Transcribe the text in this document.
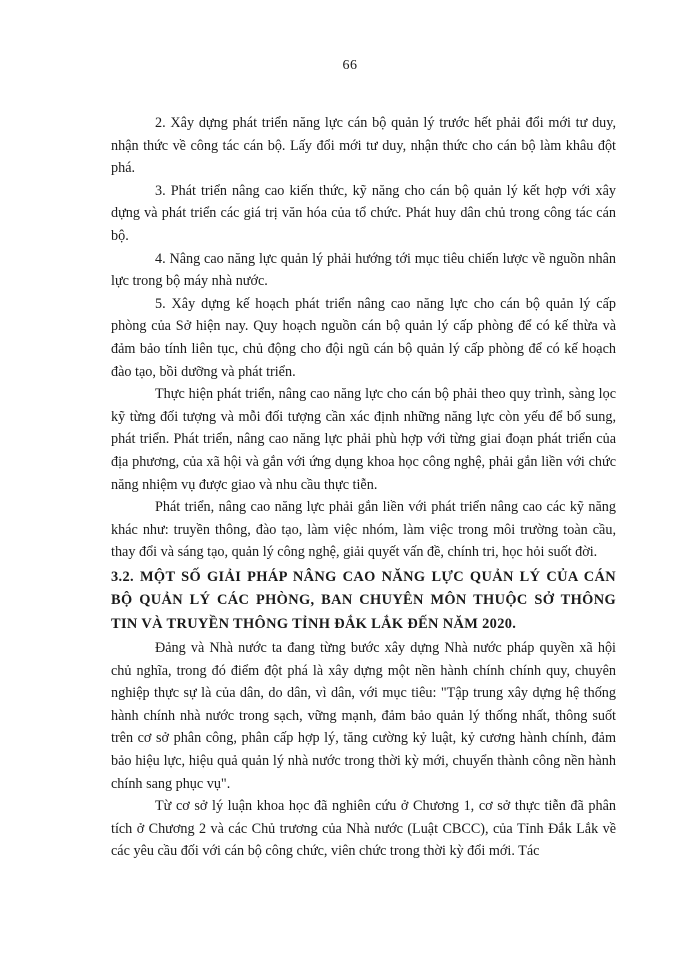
66

2. Xây dựng phát triển năng lực cán bộ quản lý trước hết phải đổi mới tư duy, nhận thức về công tác cán bộ. Lấy đổi mới tư duy, nhận thức cho cán bộ làm khâu đột phá.

3. Phát triển nâng cao kiến thức, kỹ năng cho cán bộ quản lý kết hợp với xây dựng và phát triển các giá trị văn hóa của tổ chức. Phát huy dân chủ trong công tác cán bộ.

4. Nâng cao năng lực quản lý phải hướng tới mục tiêu chiến lược về nguồn nhân lực trong bộ máy nhà nước.

5. Xây dựng kế hoạch phát triển nâng cao năng lực cho cán bộ quản lý cấp phòng của Sở hiện nay. Quy hoạch nguồn cán bộ quản lý cấp phòng để có kế thừa và đảm bảo tính liên tục, chủ động cho đội ngũ cán bộ quản lý cấp phòng để có kế hoạch đào tạo, bồi dưỡng và phát triển.

Thực hiện phát triển, nâng cao năng lực cho cán bộ phải theo quy trình, sàng lọc kỹ từng đối tượng và mỗi đối tượng cần xác định những năng lực còn yếu để bổ sung, phát triển. Phát triển, nâng cao năng lực phải phù hợp với từng giai đoạn phát triển của địa phương, của xã hội và gắn với ứng dụng khoa học công nghệ, phải gắn liền với chức năng nhiệm vụ được giao và nhu cầu thực tiễn.

Phát triển, nâng cao năng lực phải gắn liền với phát triển nâng cao các kỹ năng khác như: truyền thông, đào tạo, làm việc nhóm, làm việc trong môi trường toàn cầu, thay đổi và sáng tạo, quản lý công nghệ, giải quyết vấn đề, chính tri, học hỏi suốt đời.

3.2. MỘT SỐ GIẢI PHÁP NÂNG CAO NĂNG LỰC QUẢN LÝ CỦA CÁN BỘ QUẢN LÝ CÁC PHÒNG, BAN CHUYÊN MÔN THUỘC SỞ THÔNG TIN VÀ TRUYỀN THÔNG TỈNH ĐẮK LẮK ĐẾN NĂM 2020.

Đảng và Nhà nước ta đang từng bước xây dựng Nhà nước pháp quyền xã hội chủ nghĩa, trong đó điểm đột phá là xây dựng một nền hành chính chính quy, chuyên nghiệp thực sự là của dân, do dân, vì dân, với mục tiêu: "Tập trung xây dựng hệ thống hành chính nhà nước trong sạch, vững mạnh, đảm bảo quản lý thống nhất, thông suốt trên cơ sở phân công, phân cấp hợp lý, tăng cường kỷ luật, kỷ cương hành chính, đảm bảo hiệu lực, hiệu quả quản lý nhà nước trong thời kỳ mới, chuyển thành công nền hành chính sang phục vụ".

Từ cơ sở lý luận khoa học đã nghiên cứu ở Chương 1, cơ sở thực tiễn đã phân tích ở Chương 2 và các Chủ trương của Nhà nước (Luật CBCC), của Tỉnh Đắk Lắk về các yêu cầu đối với cán bộ công chức, viên chức trong thời kỳ đổi mới. Tác
